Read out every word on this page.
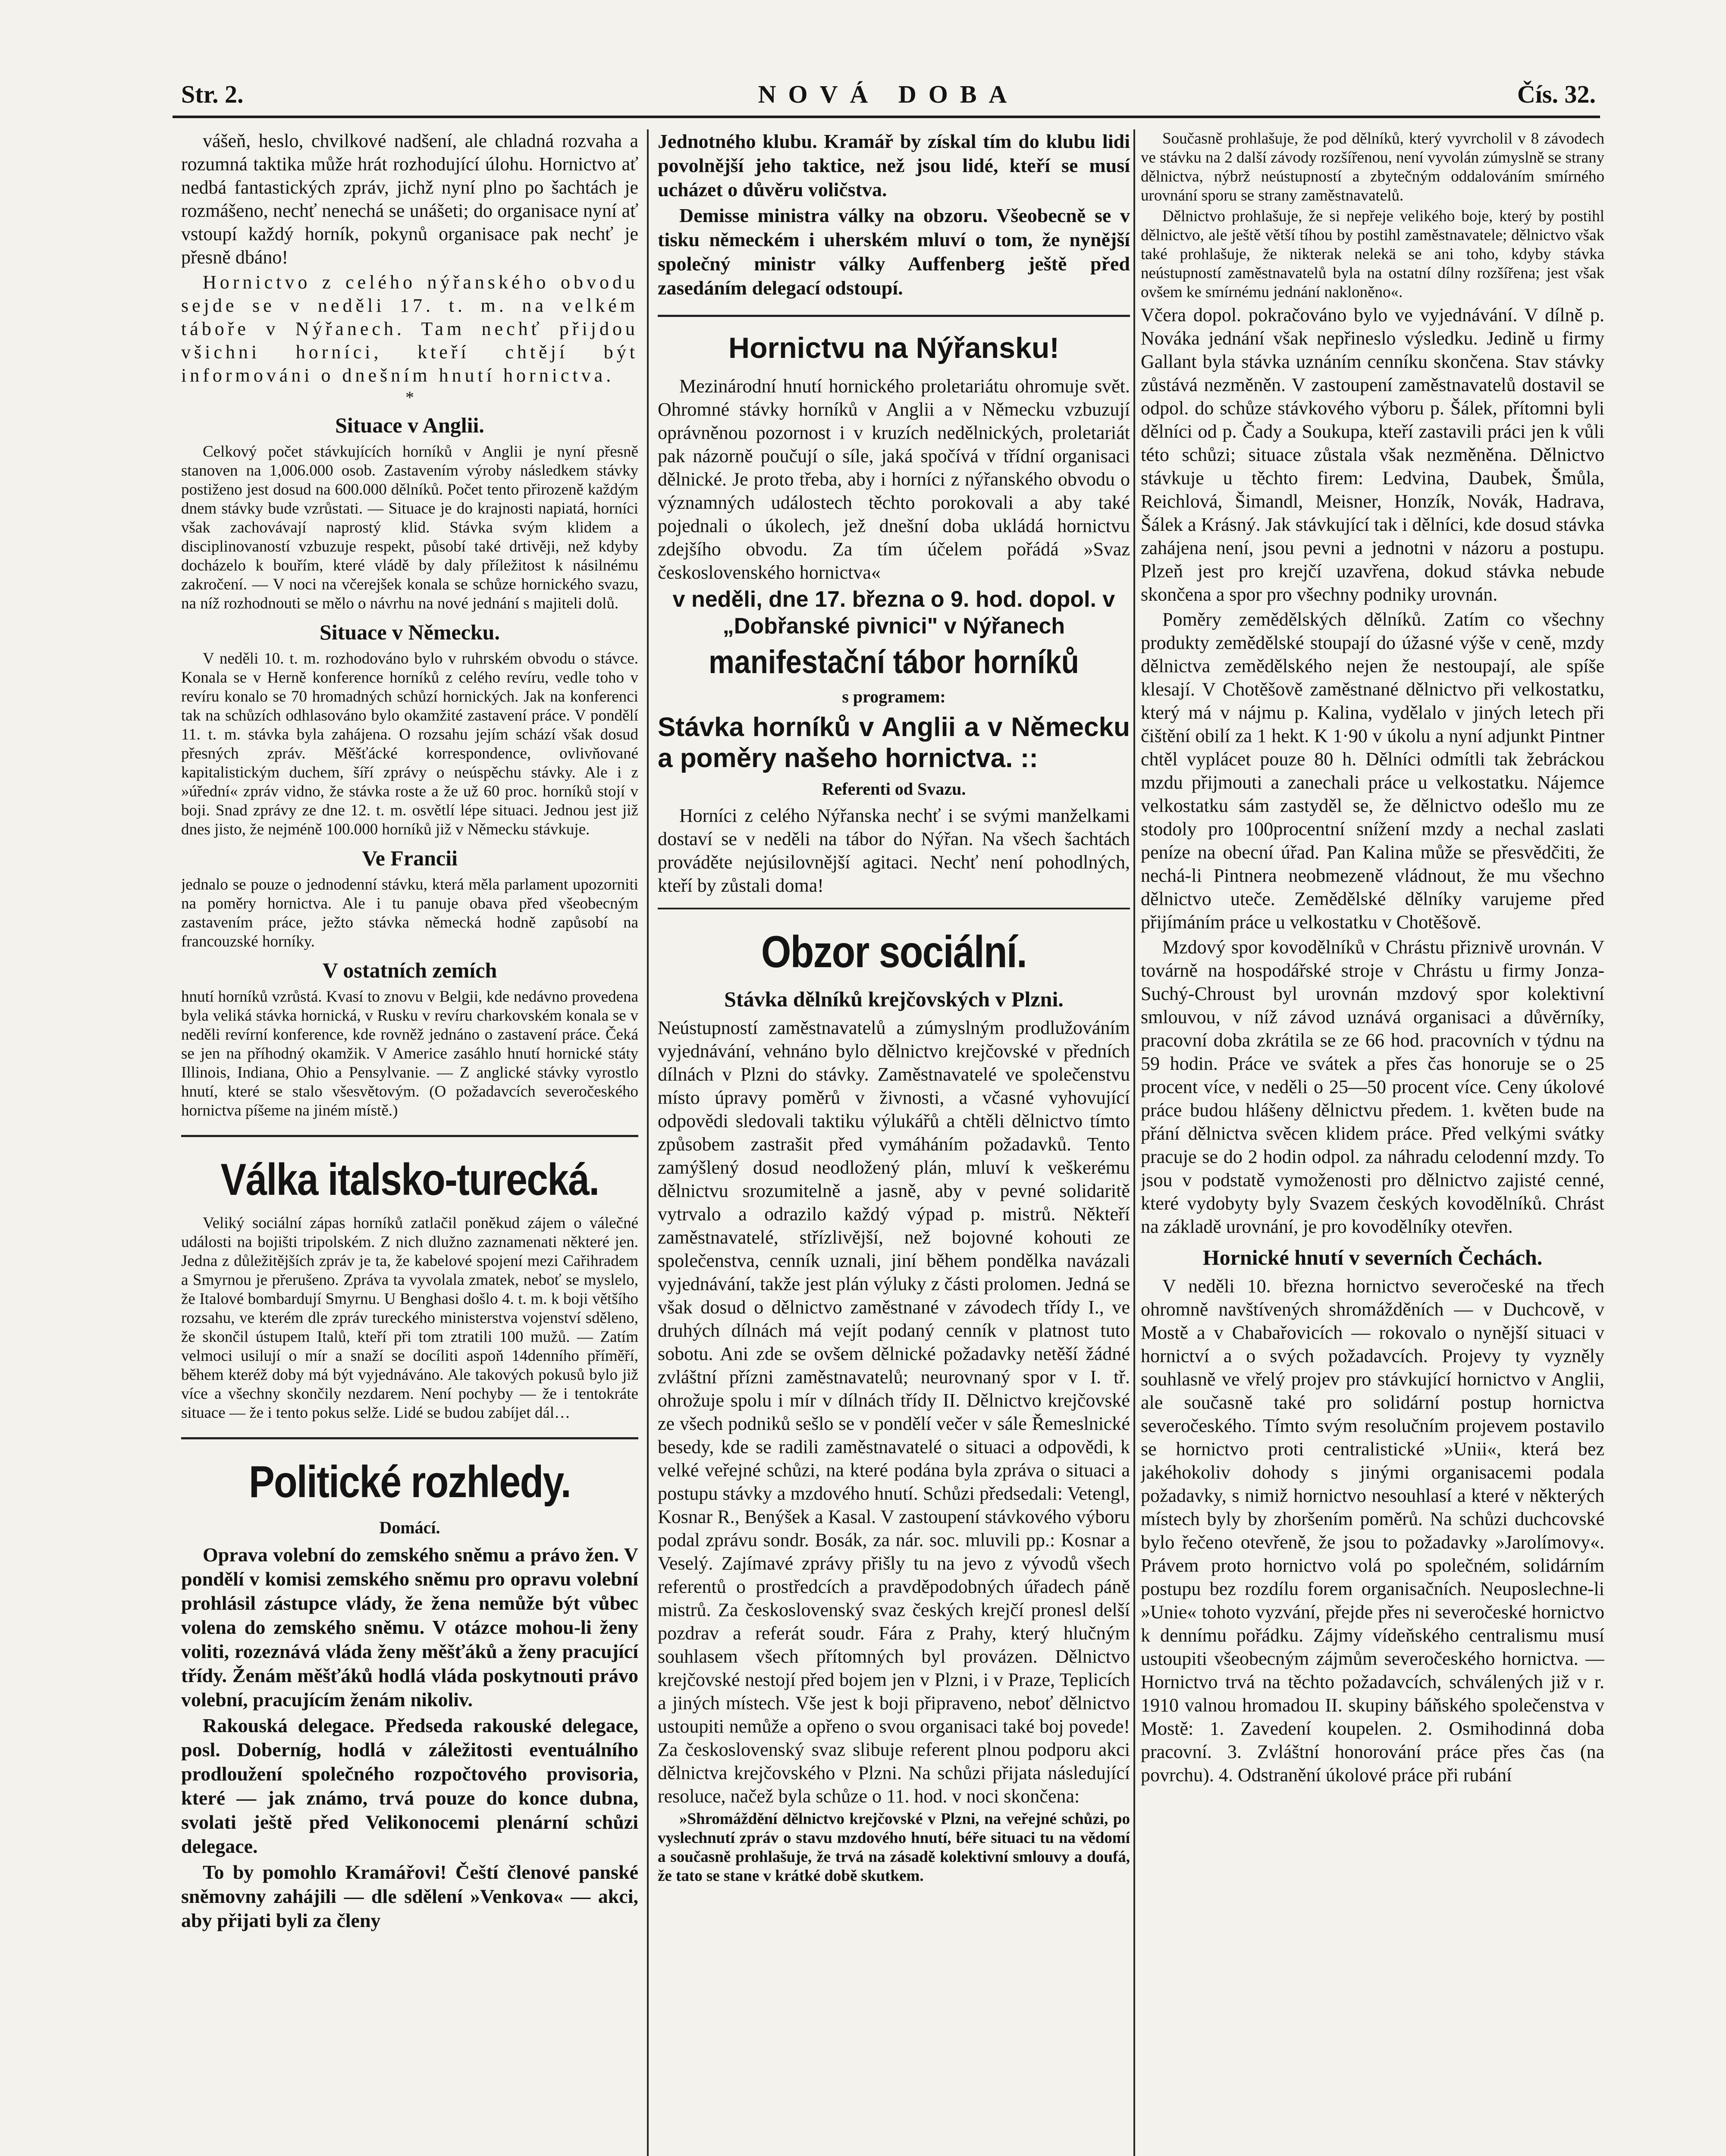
Str. 2.	NOVÁ DOBA	Čís. 32.

vášeň, heslo, chvilkové nadšení, ale chladná rozvaha a rozumná taktika může hrát rozhodující úlohu. Hornictvo ať nedbá fantastických zpráv, jichž nyní plno po šachtách je rozmášeno, nechť nenechá se unášeti; do organisace nyní ať vstoupí každý horník, pokynů organisace pak nechť je přesně dbáno!

Hornictvo z celého nýřanského obvodu sejde se v neděli 17. t. m. na velkém táboře v Nýřanech. Tam nechť přijdou všichni horníci, kteří chtějí být informováni o dnešním hnutí hornictva.

*
Situace v Anglii.

Celkový počet stávkujících horníků v Anglii je nyní přesně stanoven na 1,006.000 osob. Zastavením výroby následkem stávky postiženo jest dosud na 600.000 dělníků. Počet tento přirozeně každým dnem stávky bude vzrůstati. — Situace je do krajnosti napiatá, horníci však zachovávají naprostý klid. Stávka svým klidem a disciplinovaností vzbuzuje respekt, působí také drtivěji, než kdyby docházelo k bouřím, které vládě by daly příležitost k násilnému zakročení. — V noci na včerejšek konala se schůze hornického svazu, na níž rozhodnouti se mělo o návrhu na nové jednání s majiteli dolů.

Situace v Německu.

V neděli 10. t. m. rozhodováno bylo v ruhrském obvodu o stávce. Konala se v Herně konference horníků z celého revíru, vedle toho v revíru konalo se 70 hromadných schůzí hornických. Jak na konferenci tak na schůzích odhlasováno bylo okamžité zastavení práce. V pondělí 11. t. m. stávka byla zahájena. O rozsahu jejím schází však dosud přesných zpráv. Měšťácké korrespondence, ovlivňované kapitalistickým duchem, šíří zprávy o neúspěchu stávky. Ale i z »úřední« zpráv vidno, že stávka roste a že už 60 proc. horníků stojí v boji. Snad zprávy ze dne 12. t. m. osvětlí lépe situaci. Jednou jest již dnes jisto, že nejméně 100.000 horníků již v Německu stávkuje.

Ve Francii

jednalo se pouze o jednodenní stávku, která měla parlament upozorniti na poměry hornictva. Ale i tu panuje obava před všeobecným zastavením práce, ježto stávka německá hodně zapůsobí na francouzské horníky.

V ostatních zemích

hnutí horníků vzrůstá. Kvasí to znovu v Belgii, kde nedávno provedena byla veliká stávka hornická, v Rusku v revíru charkovském konala se v neděli revírní konference, kde rovněž jednáno o zastavení práce. Čeká se jen na příhodný okamžik. V Americe zasáhlo hnutí hornické státy Illinois, Indiana, Ohio a Pensylvanie. — Z anglické stávky vyrostlo hnutí, které se stalo všesvětovým. (O požadavcích severočeského hornictva píšeme na jiném místě.)

Válka italsko-turecká.

Veliký sociální zápas horníků zatlačil poněkud zájem o válečné události na bojišti tripolském. Z nich dlužno zaznamenati některé jen. Jedna z důležitějších zpráv je ta, že kabelové spojení mezi Cařihradem a Smyrnou je přerušeno. Zpráva ta vyvolala zmatek, neboť se myslelo, že Italové bombardují Smyrnu. U Benghasi došlo 4. t. m. k boji většího rozsahu, ve kterém dle zpráv tureckého ministerstva vojenství sděleno, že skončil ústupem Italů, kteří při tom ztratili 100 mužů. — Zatím velmoci usilují o mír a snaží se docíliti aspoň 14denního příměří, během kteréž doby má být vyjednáváno. Ale takových pokusů bylo již více a všechny skončily nezdarem. Není pochyby — že i tentokráte situace — že i tento pokus selže. Lidé se budou zabíjet dál…

Politické rozhledy.
Domácí.

Oprava volební do zemského sněmu a právo žen. V pondělí v komisi zemského sněmu pro opravu volební prohlásil zástupce vlády, že žena nemůže být vůbec volena do zemského sněmu. V otázce mohou-li ženy voliti, rozeznává vláda ženy měšťáků a ženy pracující třídy. Ženám měšťáků hodlá vláda poskytnouti právo volební, pracujícím ženám nikoliv.

Rakouská delegace. Předseda rakouské delegace, posl. Doberníg, hodlá v záležitosti eventuálního prodloužení společného rozpočtového provisoria, které — jak známo, trvá pouze do konce dubna, svolati ještě před Velikonocemi plenární schůzi delegace.

To by pomohlo Kramářovi! Čeští členové panské sněmovny zahájili — dle sdělení »Venkova« — akci, aby přijati byli za členy

Jednotného klubu. Kramář by získal tím do klubu lidi povolnější jeho taktice, než jsou lidé, kteří se musí ucházet o důvěru voličstva.

Demisse ministra války na obzoru. Všeobecně se v tisku německém i uherském mluví o tom, že nynější společný ministr války Auffenberg ještě před zasedáním delegací odstoupí.

Hornictvu na Nýřansku!

Mezinárodní hnutí hornického proletariátu ohromuje svět. Ohromné stávky horníků v Anglii a v Německu vzbuzují oprávněnou pozornost i v kruzích nedělnických, proletariát pak názorně poučují o síle, jaká spočívá v třídní organisaci dělnické. Je proto třeba, aby i horníci z nýřanského obvodu o významných událostech těchto porokovali a aby také pojednali o úkolech, jež dnešní doba ukládá hornictvu zdejšího obvodu. Za tím účelem pořádá »Svaz československého hornictva«

v neděli, dne 17. března o 9. hod. dopol. v „Dobřanské pivnici" v Nýřanech
manifestační tábor horníků
s programem:

Stávka horníků v Anglii a v Německu a poměry našeho hornictva. ::

Referenti od Svazu.

Horníci z celého Nýřanska nechť i se svými manželkami dostaví se v neděli na tábor do Nýřan. Na všech šachtách prováděte nejúsilovnější agitaci. Nechť není pohodlných, kteří by zůstali doma!

Obzor sociální.
Stávka dělníků krejčovských v Plzni.

Neústupností zaměstnavatelů a zúmyslným prodlužováním vyjednávání, vehnáno bylo dělnictvo krejčovské v předních dílnách v Plzni do stávky. Zaměstnavatelé ve společenstvu místo úpravy poměrů v živnosti, a včasné vyhovující odpovědi sledovali taktiku výlukářů a chtěli dělnictvo tímto způsobem zastrašit před vymáháním požadavků. Tento zamýšlený dosud neodložený plán, mluví k veškerému dělnictvu srozumitelně a jasně, aby v pevné solidaritě vytrvalo a odrazilo každý výpad p. mistrů. Někteří zaměstnavatelé, střízlivější, než bojovné kohouti ze společenstva, cenník uznali, jiní během pondělka navázali vyjednávání, takže jest plán výluky z části prolomen. Jedná se však dosud o dělnictvo zaměstnané v závodech třídy I., ve druhých dílnách má vejít podaný cenník v platnost tuto sobotu. Ani zde se ovšem dělnické požadavky netěší žádné zvláštní přízni zaměstnavatelů; neurovnaný spor v I. tř. ohrožuje spolu i mír v dílnách třídy II. Dělnictvo krejčovské ze všech podniků sešlo se v pondělí večer v sále Řemeslnické besedy, kde se radili zaměstnavatelé o situaci a odpovědi, k velké veřejné schůzi, na které podána byla zpráva o situaci a postupu stávky a mzdového hnutí. Schůzi předsedali: Vetengl, Kosnar R., Benýšek a Kasal. V zastoupení stávkového výboru podal zprávu sondr. Bosák, za nár. soc. mluvili pp.: Kosnar a Veselý. Zajímavé zprávy přišly tu na jevo z vývodů všech referentů o prostředcích a pravděpodobných úřadech páně mistrů. Za československý svaz českých krejčí pronesl delší pozdrav a referát soudr. Fára z Prahy, který hlučným souhlasem všech přítomných byl provázen. Dělnictvo krejčovské nestojí před bojem jen v Plzni, i v Praze, Teplicích a jiných místech. Vše jest k boji připraveno, neboť dělnictvo ustoupiti nemůže a opřeno o svou organisaci také boj povede! Za československý svaz slibuje referent plnou podporu akci dělnictva krejčovského v Plzni. Na schůzi přijata následující resoluce, načež byla schůze o 11. hod. v noci skončena:

»Shromáždění dělnictvo krejčovské v Plzni, na veřejné schůzi, po vyslechnutí zpráv o stavu mzdového hnutí, béře situaci tu na vědomí a současně prohlašuje, že trvá na zásadě kolektivní smlouvy a doufá, že tato se stane v krátké době skutkem.

Současně prohlašuje, že pod dělníků, který vyvrcholil v 8 závodech ve stávku na 2 další závody rozšířenou, není vyvolán zúmyslně se strany dělnictva, nýbrž neústupností a zbytečným oddalováním smírného urovnání sporu se strany zaměstnavatelů.

Dělnictvo prohlašuje, že si nepřeje velikého boje, který by postihl dělnictvo, ale ještě větší tíhou by postihl zaměstnavatele; dělnictvo však také prohlašuje, že nikterak nelekä se ani toho, kdyby stávka neústupností zaměstnavatelů byla na ostatní dílny rozšířena; jest však ovšem ke smírnému jednání nakloněno«.

Včera dopol. pokračováno bylo ve vyjednávání. V dílně p. Nováka jednání však nepřineslo výsledku. Jedině u firmy Gallant byla stávka uznáním cenníku skončena. Stav stávky zůstává nezměněn. V zastoupení zaměstnavatelů dostavil se odpol. do schůze stávkového výboru p. Šálek, přítomni byli dělníci od p. Čady a Soukupa, kteří zastavili práci jen k vůli této schůzi; situace zůstala však nezměněna. Dělnictvo stávkuje u těchto firem: Ledvina, Daubek, Šmůla, Reichlová, Šimandl, Meisner, Honzík, Novák, Hadrava, Šálek a Krásný. Jak stávkující tak i dělníci, kde dosud stávka zahájena není, jsou pevni a jednotni v názoru a postupu. Plzeň jest pro krejčí uzavřena, dokud stávka nebude skončena a spor pro všechny podniky urovnán.

Poměry zemědělských dělníků. Zatím co všechny produkty zemědělské stoupají do úžasné výše v ceně, mzdy dělnictva zemědělského nejen že nestoupají, ale spíše klesají. V Chotěšově zaměstnané dělnictvo při velkostatku, který má v nájmu p. Kalina, vydělalo v jiných letech při čištění obilí za 1 hekt. K 1·90 v úkolu a nyní adjunkt Pintner chtěl vyplácet pouze 80 h. Dělníci odmítli tak žebráckou mzdu přijmouti a zanechali práce u velkostatku. Nájemce velkostatku sám zastyděl se, že dělnictvo odešlo mu ze stodoly pro 100procentní snížení mzdy a nechal zaslati peníze na obecní úřad. Pan Kalina může se přesvědčiti, že nechá-li Pintnera neobmezeně vládnout, že mu všechno dělnictvo uteče. Zemědělské dělníky varujeme před přijímáním práce u velkostatku v Chotěšově.

Mzdový spor kovodělníků v Chrástu přiznivě urovnán. V továrně na hospodářské stroje v Chrástu u firmy Jonza-Suchý-Chroust byl urovnán mzdový spor kolektivní smlouvou, v níž závod uznává organisaci a důvěrníky, pracovní doba zkrátila se ze 66 hod. pracovních v týdnu na 59 hodin. Práce ve svátek a přes čas honoruje se o 25 procent více, v neděli o 25—50 procent více. Ceny úkolové práce budou hlášeny dělnictvu předem. 1. květen bude na přání dělnictva svěcen klidem práce. Před velkými svátky pracuje se do 2 hodin odpol. za náhradu celodenní mzdy. To jsou v podstatě vymoženosti pro dělnictvo zajisté cenné, které vydobyty byly Svazem českých kovodělníků. Chrást na základě urovnání, je pro kovodělníky otevřen.

Hornické hnutí v severních Čechách.

V neděli 10. března hornictvo severočeské na třech ohromně navštívených shromážděních — v Duchcově, v Mostě a v Chabařovicích — rokovalo o nynější situaci v hornictví a o svých požadavcích. Projevy ty vyzněly souhlasně ve vřelý projev pro stávkující hornictvo v Anglii, ale současně také pro solidární postup hornictva severočeského. Tímto svým resolučním projevem postavilo se hornictvo proti centralistické »Unii«, která bez jakéhokoliv dohody s jinými organisacemi podala požadavky, s nimiž hornictvo nesouhlasí a které v některých místech byly by zhoršením poměrů. Na schůzi duchcovské bylo řečeno otevřeně, že jsou to požadavky »Jarolímovy«. Právem proto hornictvo volá po společném, solidárním postupu bez rozdílu forem organisačních. Neuposlechne-li »Unie« tohoto vyzvání, přejde přes ni severočeské hornictvo k dennímu pořádku. Zájmy vídeňského centralismu musí ustoupiti všeobecným zájmům severočeského hornictva. — Hornictvo trvá na těchto požadavcích, schválených již v r. 1910 valnou hromadou II. skupiny báňského společenstva v Mostě: 1. Zavedení koupelen. 2. Osmihodinná doba pracovní. 3. Zvláštní honorování práce přes čas (na povrchu). 4. Odstranění úkolové práce při rubání
